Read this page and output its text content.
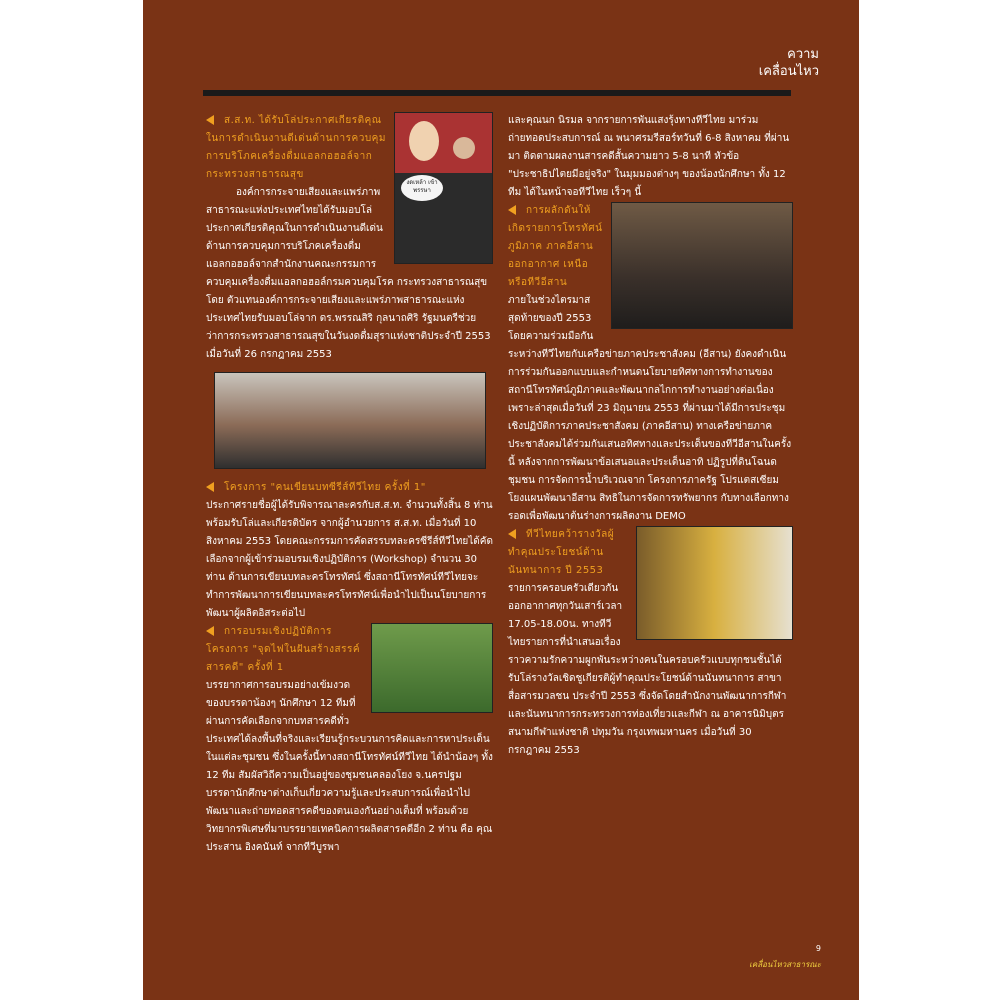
ความ
เคลื่อนไหว
งดเหล้า เข้าพรรษา

ส.ส.ท. ได้รับโล่ประกาศเกียรติคุณในการดำเนินงานดีเด่นด้านการควบคุมการบริโภคเครื่องดื่มแอลกอฮอล์จากกระทรวงสาธารณสุข

องค์การกระจายเสียงและแพร่ภาพสาธารณะแห่งประเทศไทยได้รับมอบโล่ประกาศเกียรติคุณในการดำเนินงานดีเด่น ด้านการควบคุมการบริโภคเครื่องดื่มแอลกอฮอล์จากสำนักงานคณะกรรมการควบคุมเครื่องดื่มแอลกอฮอล์กรมควบคุมโรค กระทรวงสาธารณสุข โดย ตัวแทนองค์การกระจายเสียงและแพร่ภาพสาธารณะแห่งประเทศไทยรับมอบโล่จาก ดร.พรรณสิริ กุลนาถศิริ รัฐมนตรีช่วยว่าการกระทรวงสาธารณสุขในวันงดดื่มสุราแห่งชาติประจำปี 2553 เมื่อวันที่ 26 กรกฎาคม 2553

โครงการ "คนเขียนบทซีรีส์ทีวีไทย ครั้งที่ 1"

ประกาศรายชื่อผู้ได้รับพิจารณาละครกับส.ส.ท. จำนวนทั้งสิ้น 8 ท่าน พร้อมรับโล่และเกียรติบัตร จากผู้อำนวยการ ส.ส.ท. เมื่อวันที่ 10 สิงหาคม 2553 โดยคณะกรรมการคัดสรรบทละครซีรีส์ทีวีไทยได้คัดเลือกจากผู้เข้าร่วมอบรมเชิงปฏิบัติการ (Workshop) จำนวน 30 ท่าน ด้านการเขียนบทละครโทรทัศน์ ซึ่งสถานีโทรทัศน์ทีวีไทยจะทำการพัฒนาการเขียนบทละครโทรทัศน์เพื่อนำไปเป็นนโยบายการพัฒนาผู้ผลิตอิสระต่อไป

การอบรมเชิงปฏิบัติการโครงการ "จุดไฟในฝันสร้างสรรค์สารคดี" ครั้งที่ 1

บรรยากาศการอบรมอย่างเข้มงวดของบรรดาน้องๆ นักศึกษา 12 ทีมที่ผ่านการคัดเลือกจากบทสารคดีทั่วประเทศได้ลงพื้นที่จริงและเรียนรู้กระบวนการคิดและการหาประเด็นในแต่ละชุมชน ซึ่งในครั้งนี้ทางสถานีโทรทัศน์ทีวีไทย ได้นำน้องๆ ทั้ง 12 ทีม สัมผัสวิถีความเป็นอยู่ของชุมชนคลองโยง จ.นครปฐม บรรดานักศึกษาต่างเก็บเกี่ยวความรู้และประสบการณ์เพื่อนำไปพัฒนาและถ่ายทอดสารคดีของตนเองกันอย่างเต็มที่ พร้อมด้วยวิทยากรพิเศษที่มาบรรยายเทคนิคการผลิตสารคดีอีก 2 ท่าน คือ คุณประสาน อิงคนันท์ จากทีวีบูรพา

และคุณนก นิรมล จากรายการพันแสงรุ้งทางทีวีไทย มาร่วมถ่ายทอดประสบการณ์ ณ พนาศรมรีสอร์ทวันที่ 6-8 สิงหาคม ที่ผ่านมา ติดตามผลงานสารคดีสั้นความยาว 5-8 นาที หัวข้อ "ประชาธิปไตยมีอยู่จริง" ในมุมมองต่างๆ ของน้องนักศึกษา ทั้ง 12 ทีม ได้ในหน้าจอทีวีไทย เร็วๆ นี้

การผลักดันให้เกิดรายการโทรทัศน์ภูมิภาค ภาคอีสานออกอากาศ เหนือหรือทีวีอีสาน

ภายในช่วงไตรมาสสุดท้ายของปี 2553 โดยความร่วมมือกันระหว่างทีวีไทยกับเครือข่ายภาคประชาสังคม (อีสาน) ยังคงดำเนินการร่วมกันออกแบบและกำหนดนโยบายทิศทางการทำงานของสถานีโทรทัศน์ภูมิภาคและพัฒนากลไกการทำงานอย่างต่อเนื่องเพราะล่าสุดเมื่อวันที่ 23 มิถุนายน 2553 ที่ผ่านมาได้มีการประชุมเชิงปฏิบัติการภาคประชาสังคม (ภาคอีสาน) ทางเครือข่ายภาคประชาสังคมได้ร่วมกันเสนอทิศทางและประเด็นของทีวีอีสานในครั้งนี้ หลังจากการพัฒนาข้อเสนอและประเด็นอาทิ ปฏิรูปที่ดินโฉนดชุมชน การจัดการน้ำบริเวณจาก โครงการภาครัฐ โปรแตสเซียมโยงแผนพัฒนาอีสาน สิทธิในการจัดการทรัพยากร กับทางเลือกทางรอดเพื่อพัฒนาต้นร่างการผลิตงาน DEMO

ทีวีไทยคว้ารางวัลผู้ทำคุณประโยชน์ด้านนันทนาการ ปี 2553

รายการครอบครัวเดียวกัน ออกอากาศทุกวันเสาร์เวลา 17.05-18.00น. ทางทีวีไทยรายการที่นำเสนอเรื่องราวความรักความผูกพันระหว่างคนในครอบครัวแบบทุกชนชั้นได้รับโล่รางวัลเชิดชูเกียรติผู้ทำคุณประโยชน์ด้านนันทนาการ สาขาสื่อสารมวลชน ประจำปี 2553 ซึ่งจัดโดยสำนักงานพัฒนาการกีฬาและนันทนาการกระทรวงการท่องเที่ยวและกีฬา ณ อาคารนิมิบุตร สนามกีฬาแห่งชาติ ปทุมวัน กรุงเทพมหานคร เมื่อวันที่ 30 กรกฎาคม 2553

9
เคลื่อนไหวสาธารณะ
